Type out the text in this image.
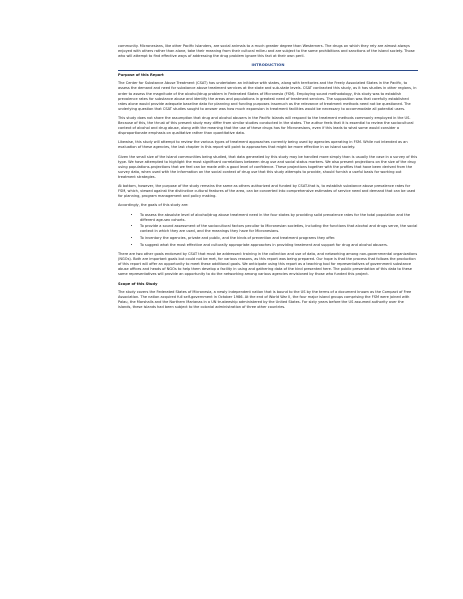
community. Micronesians, like other Pacific Islanders, are social animals to a much greater degree than Westerners. The drugs on which they rely are almost always enjoyed with others rather than alone, take their meaning from their cultural milieu and are subject to the same prohibitions and sanctions of the island society. Those who will attempt to find effective ways of addressing the drug problem ignore this fact at their own peril.

INTRODUCTION
Purpose of this Report

The Center for Substance Abuse Treatment (CSAT) has undertaken an initiative with states, along with territories and the Freely Associated States in the Pacific, to assess the demand and need for substance abuse treatment services at the state and sub-state levels. CSAT contracted this study, as it has studies in other regions, in order to assess the magnitude of the alcohol/drug problem in Federated States of Micronesia (FSM). Employing sound methodology, this study was to establish prevalence rates for substance abuse and identify the areas and populations in greatest need of treatment services. The supposition was that carefully established rates alone would provide adequate baseline data for planning and funding purposes insomuch as the relevance of treatment methods need not be questioned. The underlying question that CSAT studies sought to answer was how much expansion in treatment facilities would be necessary to accommodate all potential users.

This study does not share the assumption that drug and alcohol abusers in the Pacific Islands will respond to the treatment methods commonly employed in the US. Because of this, the thrust of this present study may differ from similar studies conducted in the states. The author feels that it is essential to review the sociocultural context of alcohol and drug abuse, along with the meaning that the use of these drugs has for Micronesians, even if this leads to what some would consider a disproportionate emphasis on qualitative rather than quantitative data.

Likewise, this study will attempt to review the various types of treatment approaches currently being used by agencies operating in FSM. While not intended as an evaluation of these agencies, the last chapter in this report will point to approaches that might be more effective in an island society.

Given the small size of the island communities being studied, that data generated by this study may be handled more simply than is usually the case in a survey of this type. We have attempted to highlight the most significant correlations between drug use and social status markers. We also present projections on the size of the drug using populations-projections that we feel can be made with a good level of confidence. These projections together with the profiles that have been derived from the survey data, when used with the information on the social context of drug use that this study attempts to provide, should furnish a useful basis for working out treatment strategies.

At bottom, however, the purpose of the study remains the same as others authorized and funded by CSAT-that is, to establish substance abuse prevalence rates for FSM, which, viewed against the distinctive cultural features of the area, can be converted into comprehensive estimates of service need and demand that can be used for planning, program management and policy making.

Accordingly, the goals of this study are:

• To assess the absolute level of alcohol/drug abuse treatment need in the four states by providing solid prevalence rates for the total population and the different age-sex cohorts.
• To provide a sound assessment of the sociocultural factors peculiar to Micronesian societies, including the functions that alcohol and drugs serve, the social context in which they are used, and the meanings they have for Micronesians.
• To inventory the agencies, private and public, and the kinds of prevention and treatment programs they offer.
• To suggest what the most effective and culturally appropriate approaches in providing treatment and support for drug and alcohol abusers.

There are two other goals endorsed by CSAT that must be addressed: training in the collection and use of data, and networking among non-governmental organizations (NGOs). Both are important goals but could not be met, for various reasons, as this report was being prepared. Our hope is that the process that follows the production of this report will offer an opportunity to meet these additional goals. We anticipate using this report as a teaching tool for representatives of government substance abuse offices and heads of NGOs to help them develop a facility in using and gathering data of the kind presented here. The public presentation of this data to these same representatives will provide an opportunity to do the networking among various agencies envisioned by those who funded this project.

Scope of this Study

The study covers the Federated States of Micronesia, a newly independent nation that is bound to the US by the terms of a document known as the Compact of Free Association. The nation acquired full self-government in October 1986. At the end of World War II, the four major island groups comprising the FSM were joined with Palau, the Marshalls and the Northern Marianas in a UN trusteeship administered by the United States. For sixty years before the US assumed authority over the islands, these islands had been subject to the colonial administration of three other countries.
